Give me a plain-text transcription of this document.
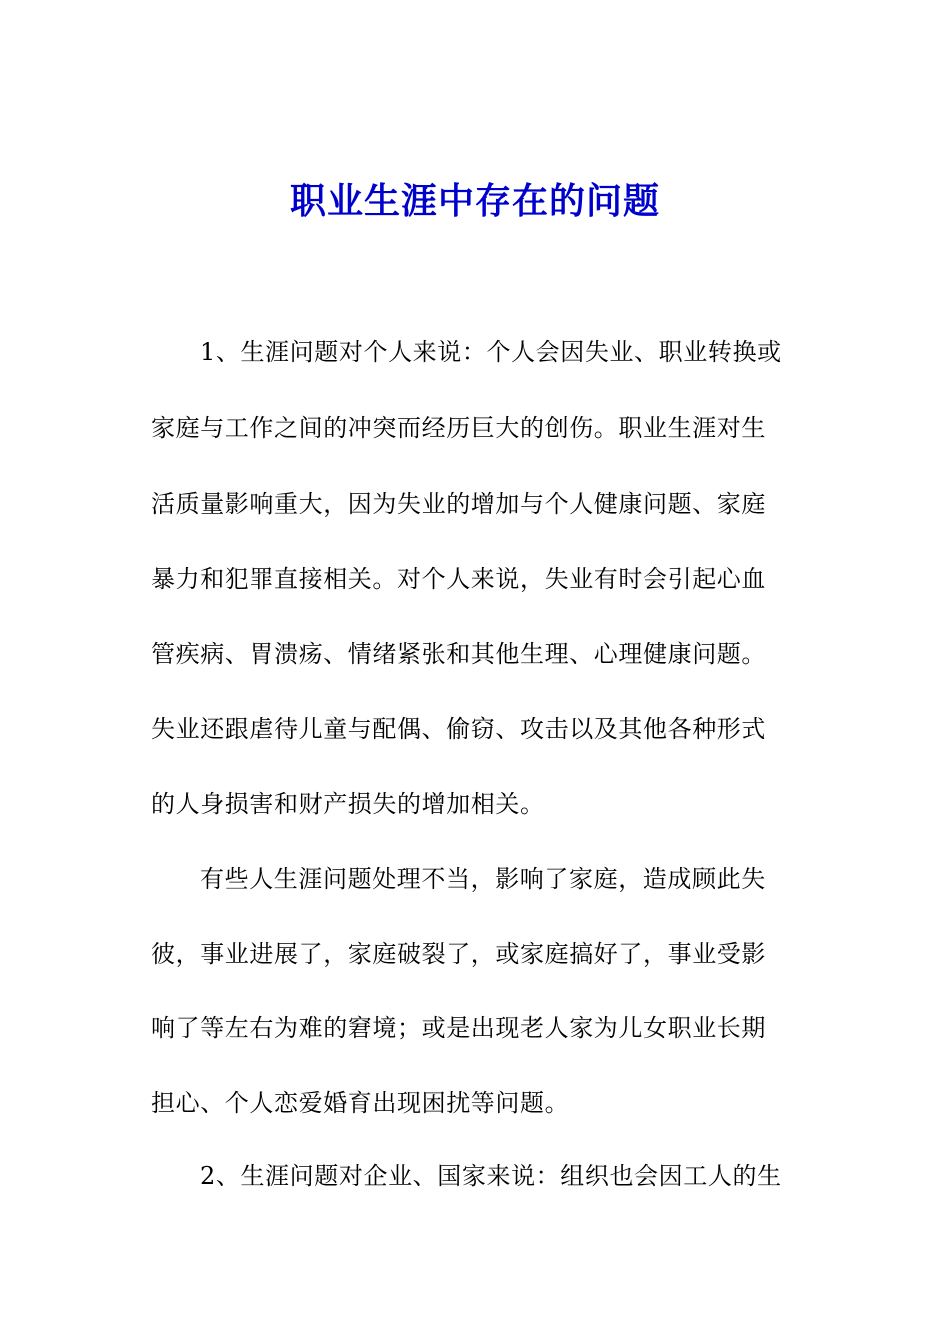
职业生涯中存在的问题
1、生涯问题对个人来说：个人会因失业、职业转换或
家庭与工作之间的冲突而经历巨大的创伤。职业生涯对生
活质量影响重大，因为失业的增加与个人健康问题、家庭
暴力和犯罪直接相关。对个人来说，失业有时会引起心血
管疾病、胃溃疡、情绪紧张和其他生理、心理健康问题。
失业还跟虐待儿童与配偶、偷窃、攻击以及其他各种形式
的人身损害和财产损失的增加相关。
有些人生涯问题处理不当，影响了家庭，造成顾此失
彼，事业进展了，家庭破裂了，或家庭搞好了，事业受影
响了等左右为难的窘境；或是出现老人家为儿女职业长期
担心、个人恋爱婚育出现困扰等问题。
2、生涯问题对企业、国家来说：组织也会因工人的生
